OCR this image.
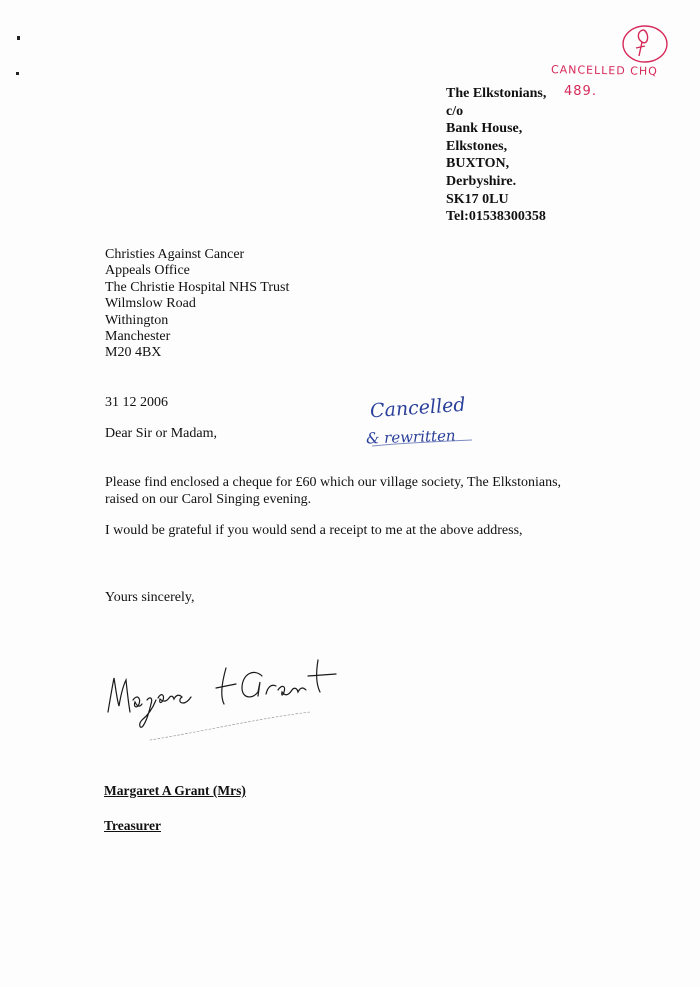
The Elkstonians,
c/o
Bank House,
Elkstones,
BUXTON,
Derbyshire.
SK17 0LU
Tel:01538300358
Christies Against Cancer
Appeals Office
The Christie Hospital NHS Trust
Wilmslow Road
Withington
Manchester
M20 4BX
31 12 2006
Dear Sir or Madam,
Please find enclosed a cheque for £60 which our village society, The Elkstonians, raised on our Carol Singing evening.
I would be grateful if you would send a receipt to me at the above address,
Yours sincerely,
Margaret A Grant (Mrs)
Treasurer
CANCELLED CHQ
489.
Cancelled
& rewritten
